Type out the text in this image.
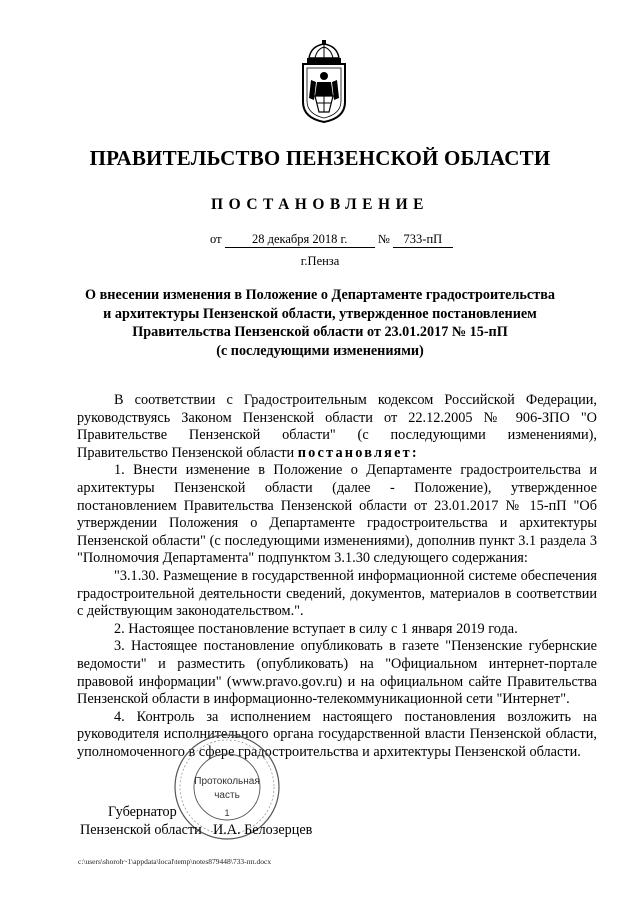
ПРАВИТЕЛЬСТВО ПЕНЗЕНСКОЙ ОБЛАСТИ
ПОСТАНОВЛЕНИЕ
от 28 декабря 2018 г. № 733-пП
г.Пенза
О внесении изменения в Положение о Департаменте градостроительства
и архитектуры Пензенской области, утвержденное постановлением
Правительства Пензенской области от 23.01.2017 № 15-пП
(с последующими изменениями)

В соответствии с Градостроительным кодексом Российской Федерации, руководствуясь Законом Пензенской области от 22.12.2005 № 906-ЗПО "О Правительстве Пензенской области" (с последующими изменениями), Правительство Пензенской области постановляет:

1. Внести изменение в Положение о Департаменте градостроительства и архитектуры Пензенской области (далее - Положение), утвержденное постановлением Правительства Пензенской области от 23.01.2017 № 15-пП "Об утверждении Положения о Департаменте градостроительства и архитектуры Пензенской области" (с последующими изменениями), дополнив пункт 3.1 раздела 3 "Полномочия Департамента" подпунктом 3.1.30 следующего содержания:

"3.1.30. Размещение в государственной информационной системе обеспечения градостроительной деятельности сведений, документов, материалов в соответствии с действующим законодательством.".

2. Настоящее постановление вступает в силу с 1 января 2019 года.

3. Настоящее постановление опубликовать в газете "Пензенские губернские ведомости" и разместить (опубликовать) на "Официальном интернет-портале правовой информации" (www.pravo.gov.ru) и на официальном сайте Правительства Пензенской области в информационно-телекоммуникационной сети "Интернет".

4. Контроль за исполнением настоящего постановления возложить на руководителя исполнительного органа государственной власти Пензенской области, уполномоченного в сфере градостроительства и архитектуры Пензенской области.

Протокольная
часть
1
Губернатор
Пензенской области И.А. Белозерцев
c:\users\shoroh~1\appdata\local\temp\notes879448\733-пп.docx
